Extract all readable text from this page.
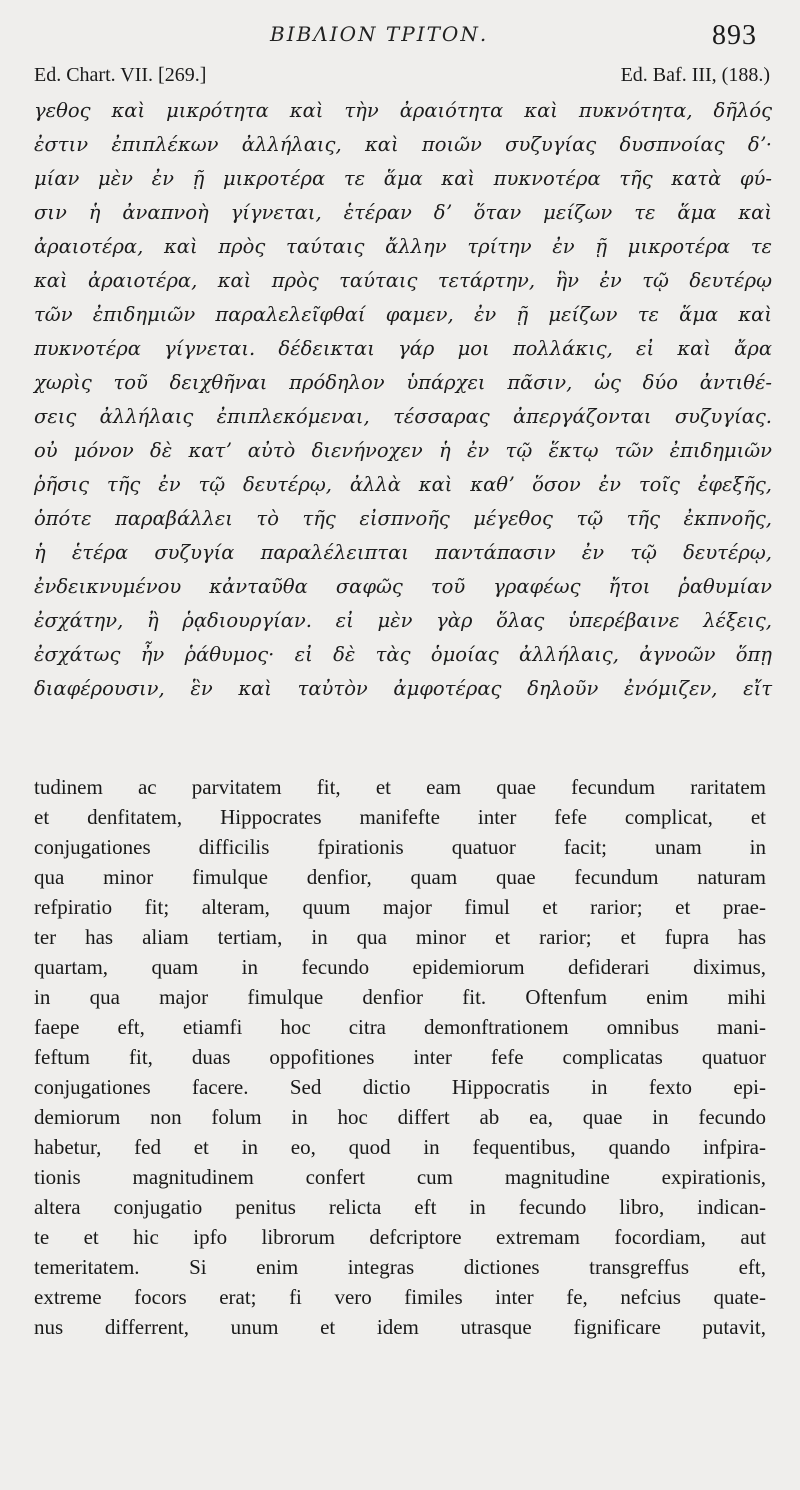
ΒΙΒΛΙΟΝ ΤΡΙΤΟΝ.	893
Ed. Chart. VII. [269.]	Ed. Baf. III, (188.)
γεθος καὶ μικρότητα καὶ τὴν ἀραιότητα καὶ πυκνότητα, δῆλός
ἐστιν ἐπιπλέκων ἀλλήλαις, καὶ ποιῶν συζυγίας δυσπνοίας δʼ·
μίαν μὲν ἐν ῇ μικροτέρα τε ἅμα καὶ πυκνοτέρα τῆς κατὰ φύ-
σιν ἡ ἀναπνοὴ γίγνεται, ἑτέραν δʼ ὅταν μείζων τε ἅμα καὶ
ἀραιοτέρα, καὶ πρὸς ταύταις ἄλλην τρίτην ἐν ῇ μικροτέρα τε
καὶ ἀραιοτέρα, καὶ πρὸς ταύταις τετάρτην, ἣν ἐν τῷ δευτέρῳ
τῶν ἐπιδημιῶν παραλελεῖφθαί φαμεν, ἐν ῇ μείζων τε ἅμα καὶ
πυκνοτέρα γίγνεται. δέδεικται γάρ μοι πολλάκις, εἰ καὶ ἄρα
χωρὶς τοῦ δειχθῆναι πρόδηλον ὑπάρχει πᾶσιν, ὡς δύο ἀντιθέ-
σεις ἀλλήλαις ἐπιπλεκόμεναι, τέσσαρας ἀπεργάζονται συζυγίας.
οὐ μόνον δὲ κατʼ αὐτὸ διενήνοχεν ἡ ἐν τῷ ἕκτῳ τῶν ἐπιδημιῶν
ῥῆσις τῆς ἐν τῷ δευτέρῳ, ἀλλὰ καὶ καθʼ ὅσον ἐν τοῖς ἐφεξῆς,
ὁπότε παραβάλλει τὸ τῆς εἰσπνοῆς μέγεθος τῷ τῆς ἐκπνοῆς,
ἡ ἑτέρα συζυγία παραλέλειπται παντάπασιν ἐν τῷ δευτέρῳ,
ἐνδεικνυμένου κἀνταῦθα σαφῶς τοῦ γραφέως ἤτοι ῥαθυμίαν
ἐσχάτην, ἢ ῥᾳδιουργίαν. εἰ μὲν γὰρ ὅλας ὑπερέβαινε λέξεις,
ἐσχάτως ἦν ῥάθυμος· εἰ δὲ τὰς ὁμοίας ἀλλήλαις, ἀγνοῶν ὅπῃ
διαφέρουσιν, ἓν καὶ ταὐτὸν ἀμφοτέρας δηλοῦν ἐνόμιζεν, εἴτ
tudinem ac parvitatem fit, et eam quae fecundum raritatem
et denfitatem, Hippocrates manifefte inter fefe complicat, et
conjugationes difficilis fpirationis quatuor facit; unam in
qua minor fimulque denfior, quam quae fecundum naturam
refpiratio fit; alteram, quum major fimul et rarior; et prae-
ter has aliam tertiam, in qua minor et rarior; et fupra has
quartam, quam in fecundo epidemiorum defiderari diximus,
in qua major fimulque denfior fit. Oftenfum enim mihi
faepe eft, etiamfi hoc citra demonftrationem omnibus mani-
feftum fit, duas oppofitiones inter fefe complicatas quatuor
conjugationes facere. Sed dictio Hippocratis in fexto epi-
demiorum non folum in hoc differt ab ea, quae in fecundo
habetur, fed et in eo, quod in fequentibus, quando infpira-
tionis magnitudinem confert cum magnitudine expirationis,
altera conjugatio penitus relicta eft in fecundo libro, indican-
te et hic ipfo librorum defcriptore extremam focordiam, aut
temeritatem. Si enim integras dictiones transgreffus eft,
extreme focors erat; fi vero fimiles inter fe, nefcius quate-
nus differrent, unum et idem utrasque fignificare putavit,
